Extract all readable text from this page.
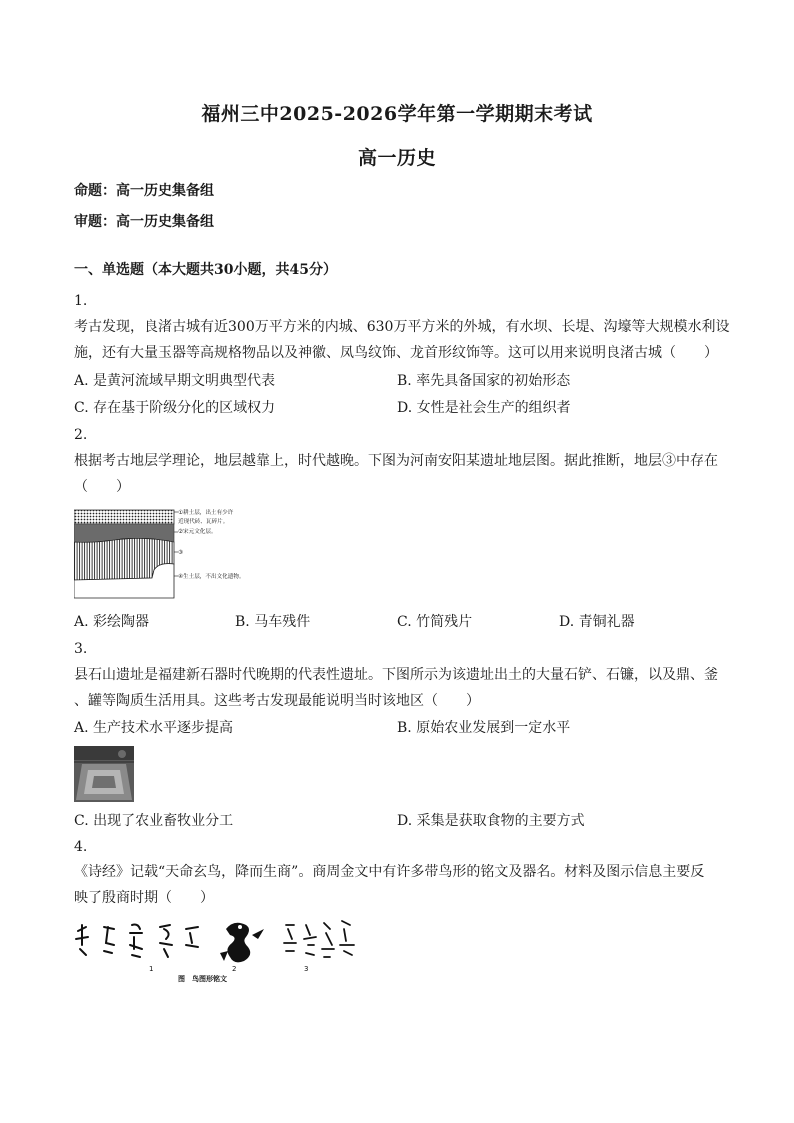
福州三中2025-2026学年第一学期期末考试
高一历史
命题：高一历史集备组
审题：高一历史集备组
一、单选题（本大题共30小题，共45分）
1.
考古发现，良渚古城有近300万平方米的内城、630万平方米的外城，有水坝、长堤、沟壕等大规模水利设
施，还有大量玉器等高规格物品以及神徽、凤鸟纹饰、龙首形纹饰等。这可以用来说明良渚古城（　　）
A. 是黄河流域早期文明典型代表	B. 率先具备国家的初始形态
C. 存在基于阶级分化的区域权力	D. 女性是社会生产的组织者
2.
根据考古地层学理论，地层越靠上，时代越晚。下图为河南安阳某遗址地层图。据此推断，地层③中存在
（　　）
①耕土层，出土有少许
近现代砖、瓦碎片。
②宋元文化层。
③
④生土层，不出文化遗物。
A. 彩绘陶器	B. 马车残件	C. 竹简残片	D. 青铜礼器
3.
县石山遗址是福建新石器时代晚期的代表性遗址。下图所示为该遗址出土的大量石铲、石镰，以及鼎、釜
、罐等陶质生活用具。这些考古发现最能说明当时该地区（　　）
A. 生产技术水平逐步提高	B. 原始农业发展到一定水平
C. 出现了农业畜牧业分工	D. 采集是获取食物的主要方式
4.
《诗经》记载“天命玄鸟，降而生商”。商周金文中有许多带鸟形的铭文及器名。材料及图示信息主要反
映了殷商时期（　　）
1	2	3
图　鸟图形铭文
